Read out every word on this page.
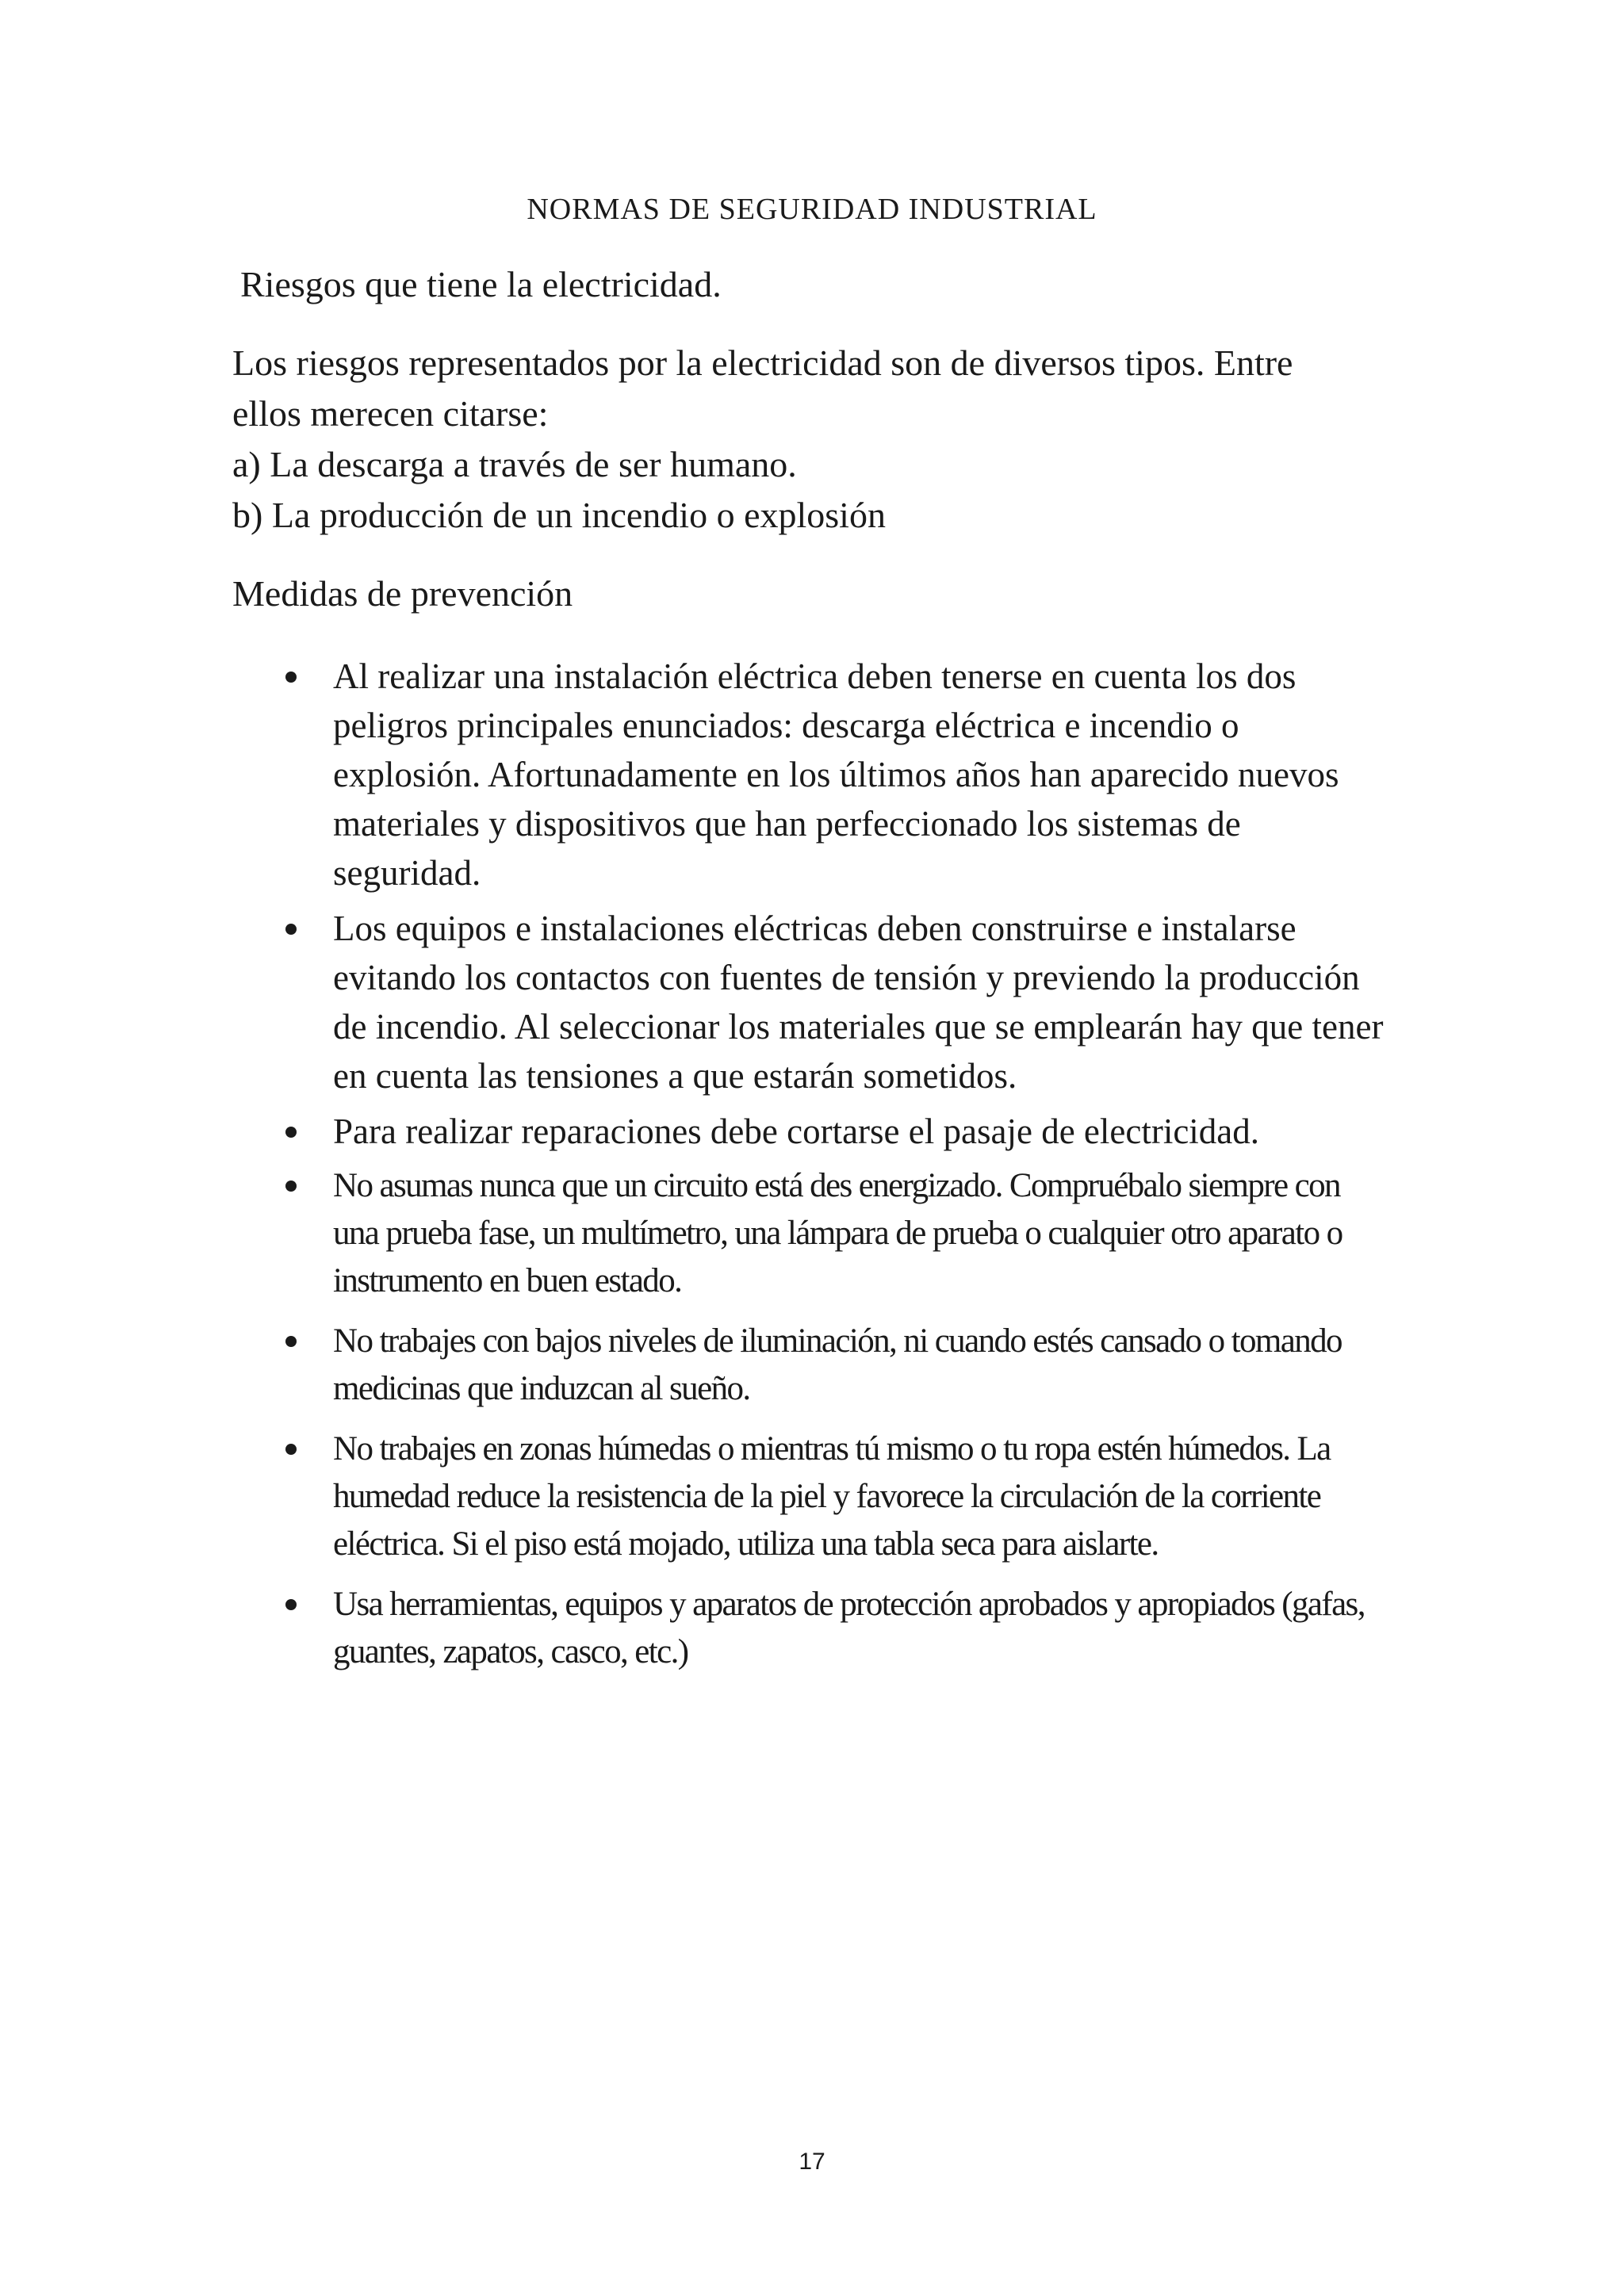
NORMAS DE SEGURIDAD INDUSTRIAL
Riesgos que tiene la electricidad.

Los riesgos representados por la electricidad son de diversos tipos. Entre

ellos merecen citarse:

a) La descarga a través de ser humano.

b) La producción de un incendio o explosión

Medidas de prevención
Al realizar una instalación eléctrica deben tenerse en cuenta los dos peligros principales enunciados: descarga eléctrica e incendio o explosión. Afortunadamente en los últimos años han aparecido nuevos materiales y dispositivos que han perfeccionado los sistemas de seguridad.
Los equipos e instalaciones eléctricas deben construirse e instalarse evitando los contactos con fuentes de tensión y previendo la producción de incendio. Al seleccionar los materiales que se emplearán hay que tener en cuenta las tensiones a que estarán sometidos.
Para realizar reparaciones debe cortarse el pasaje de electricidad.
No asumas nunca que un circuito está des energizado. Compruébalo siempre con una prueba fase, un multímetro, una lámpara de prueba o cualquier otro aparato o instrumento en buen estado.
No trabajes con bajos niveles de iluminación, ni cuando estés cansado o tomando medicinas que induzcan al sueño.
No trabajes en zonas húmedas o mientras tú mismo o tu ropa estén húmedos. La humedad reduce la resistencia de la piel y favorece la circulación de la corriente eléctrica. Si el piso está mojado, utiliza una tabla seca para aislarte.
Usa herramientas, equipos y aparatos de protección aprobados y apropiados (gafas, guantes, zapatos, casco, etc.)
17
